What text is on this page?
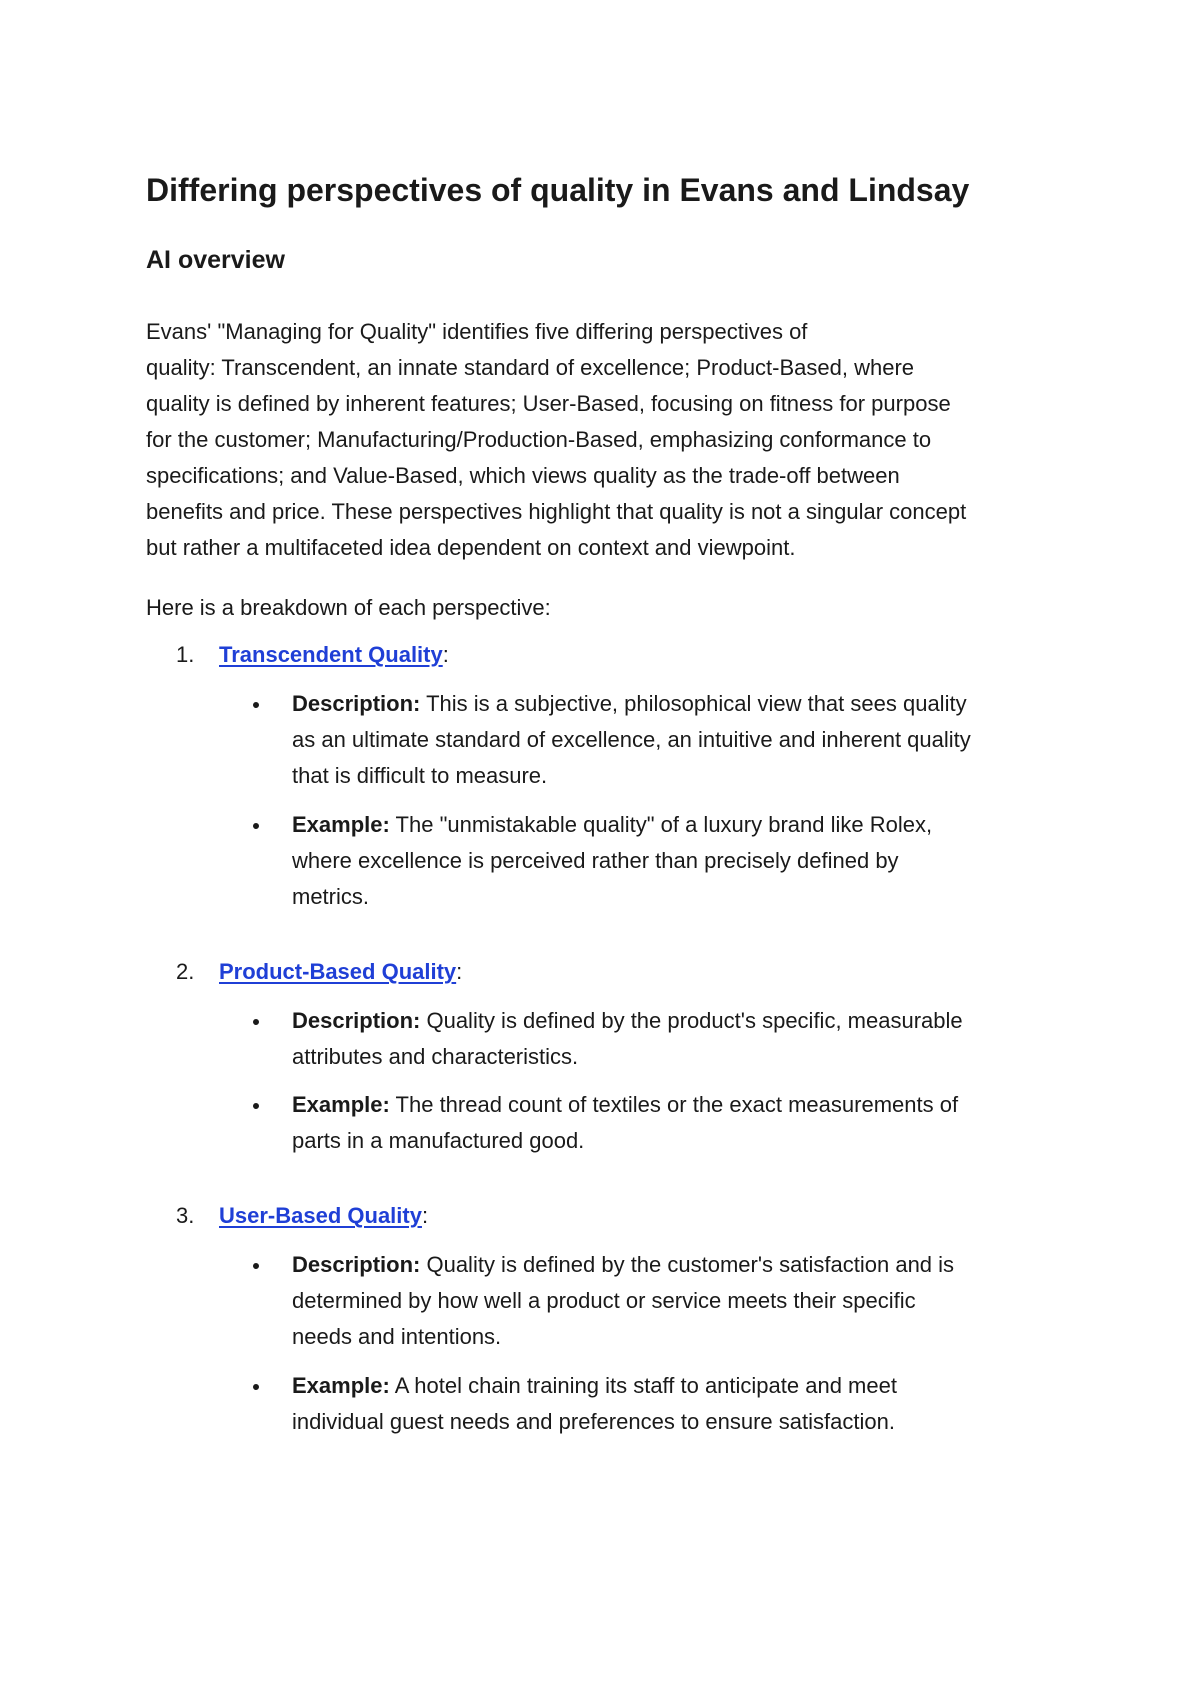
Differing perspectives of quality in Evans and Lindsay
AI overview

Evans' "Managing for Quality" identifies five differing perspectives of
quality: Transcendent, an innate standard of excellence; Product-Based, where
quality is defined by inherent features; User-Based, focusing on fitness for purpose
for the customer; Manufacturing/Production-Based, emphasizing conformance to
specifications; and Value-Based, which views quality as the trade-off between
benefits and price. These perspectives highlight that quality is not a singular concept
but rather a multifaceted idea dependent on context and viewpoint.

Here is a breakdown of each perspective:

1.	Transcendent Quality:
Description: This is a subjective, philosophical view that sees quality
as an ultimate standard of excellence, an intuitive and inherent quality
that is difficult to measure.
Example: The "unmistakable quality" of a luxury brand like Rolex,
where excellence is perceived rather than precisely defined by
metrics.
2.	Product-Based Quality:
Description: Quality is defined by the product's specific, measurable
attributes and characteristics.
Example: The thread count of textiles or the exact measurements of
parts in a manufactured good.
3.	User-Based Quality:
Description: Quality is defined by the customer's satisfaction and is
determined by how well a product or service meets their specific
needs and intentions.
Example: A hotel chain training its staff to anticipate and meet
individual guest needs and preferences to ensure satisfaction.
